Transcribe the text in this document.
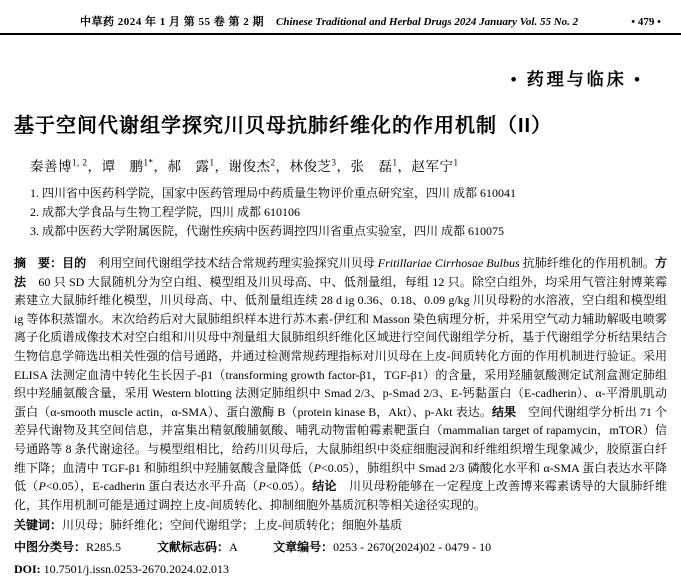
中草药 2024 年 1 月 第 55 卷 第 2 期 Chinese Traditional and Herbal Drugs 2024 January Vol. 55 No. 2	• 479 •
• 药理与临床 •
基于空间代谢组学探究川贝母抗肺纤维化的作用机制（II）
秦善博$^{1, 2}$，谭　鹏$^{1*}$，郝　露$^1$，谢俊杰$^2$，林俊芝$^3$，张　磊$^1$，赵军宁$^1$
1. 四川省中医药科学院，国家中医药管理局中药质量生物评价重点研究室，四川 成都 610041
2. 成都大学食品与生物工程学院，四川 成都 610106
3. 成都中医药大学附属医院，代谢性疾病中医药调控四川省重点实验室，四川 成都 610075
摘　要：目的　利用空间代谢组学技术结合常规药理实验探究川贝母 Fritillariae Cirrhosae Bulbus 抗肺纤维化的作用机制。方法　60 只 SD 大鼠随机分为空白组、模型组及川贝母高、中、低剂量组，每组 12 只。除空白组外，均采用气管注射博莱霉素建立大鼠肺纤维化模型，川贝母高、中、低剂量组连续 28 d ig 0.36、0.18、0.09 g/kg 川贝母粉的水溶液，空白组和模型组 ig 等体积蒸馏水。末次给药后对大鼠肺组织样本进行苏木素-伊红和 Masson 染色病理分析，并采用空气动力辅助解吸电喷雾离子化质谱成像技术对空白组和川贝母中剂量组大鼠肺组织纤维化区域进行空间代谢组学分析，基于代谢组学分析结果结合生物信息学筛选出相关性强的信号通路，并通过检测常规药理指标对川贝母在上皮-间质转化方面的作用机制进行验证。采用 ELISA 法测定血清中转化生长因子-β1（transforming growth factor-β1，TGF-β1）的含量，采用羟脯氨酸测定试剂盒测定肺组织中羟脯氨酸含量，采用 Western blotting 法测定肺组织中 Smad 2/3、p-Smad 2/3、E-钙黏蛋白（E-cadherin）、α-平滑肌肌动蛋白（α-smooth muscle actin，α-SMA）、蛋白激酶 B（protein kinase B，Akt）、p-Akt 表达。结果　空间代谢组学分析出 71 个差异代谢物及其空间信息，并富集出精氨酸脯氨酸、哺乳动物雷帕霉素靶蛋白（mammalian target of rapamycin，mTOR）信号通路等 8 条代谢途径。与模型组相比，给药川贝母后，大鼠肺组织中炎症细胞浸润和纤维组织增生现象减少，胶原蛋白纤维下降；血清中 TGF-β1 和肺组织中羟脯氨酸含量降低（P<0.05），肺组织中 Smad 2/3 磷酸化水平和 α-SMA 蛋白表达水平降低（P<0.05），E-cadherin 蛋白表达水平升高（P<0.05）。结论　川贝母粉能够在一定程度上改善博来霉素诱导的大鼠肺纤维化，其作用机制可能是通过调控上皮-间质转化、抑制细胞外基质沉积等相关途径实现的。
关键词：川贝母；肺纤维化；空间代谢组学；上皮-间质转化；细胞外基质
中图分类号：R285.5　　　	文献标志码：A　　　	文章编号：0253 - 2670(2024)02 - 0479 - 10
DOI: 10.7501/j.issn.0253-2670.2024.02.013
